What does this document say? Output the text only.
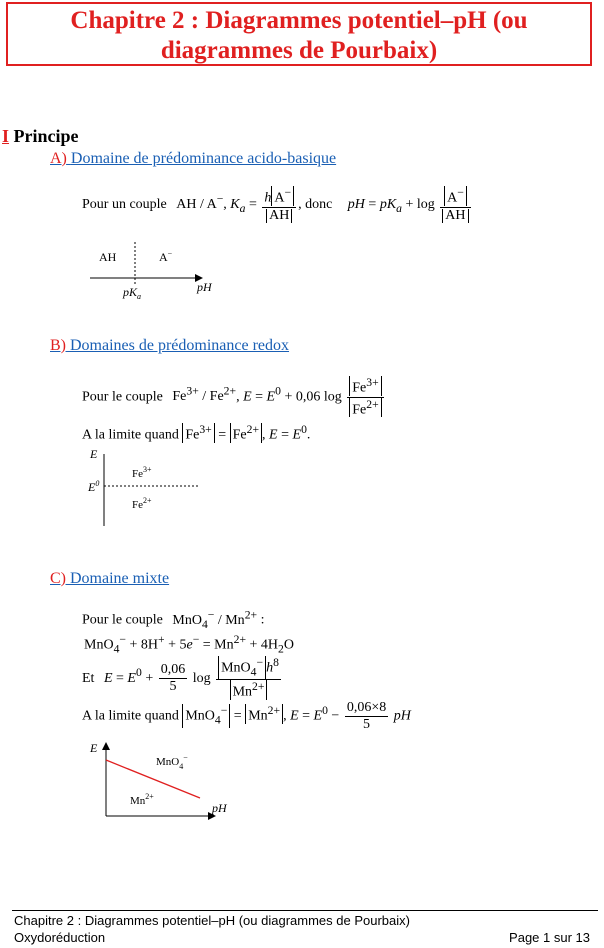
Chapitre 2 : Diagrammes potentiel–pH (ou
diagrammes de Pourbaix)
I Principe
A) Domaine de prédominance acido-basique
Pour un couple AH / A−, $K_a = \frac{h A^-}{AH}$ , donc pH = $pK_a + \log \frac{A^-}{AH}$
AH	A−
$pK_a$
pH
B) Domaines de prédominance redox
Pour le couple $Fe^{3+} / Fe^{2+}$, $E = E^0 + 0,06$ $\log \frac{Fe^{3+}}{Fe^{2+}}$
A la limite quand $Fe^{3+} = Fe^{2+}$ , $E = E^0$.
E
$E^0$
$Fe^{3+}$
$Fe^{2+}$
C) Domaine mixte
Pour le couple $MnO_4^- / Mn^{2+}$ :
$MnO_4^- + 8H^+ + 5e^- = Mn^{2+} + 4H_2O$
Et $E = E^0 + \frac{0,06}{5}$ $\log \frac{MnO_4^- h^8}{Mn^{2+}}$
A la limite quand $MnO_4^- = Mn^{2+}$ , $E = E^0 - \frac{0,06\times 8}{5}$ pH
E
MnO$_4$−
$Mn^{2+}$
pH
Chapitre 2 : Diagrammes potentiel–pH (ou diagrammes de Pourbaix)
Oxydoréduction	Page 1 sur 13
